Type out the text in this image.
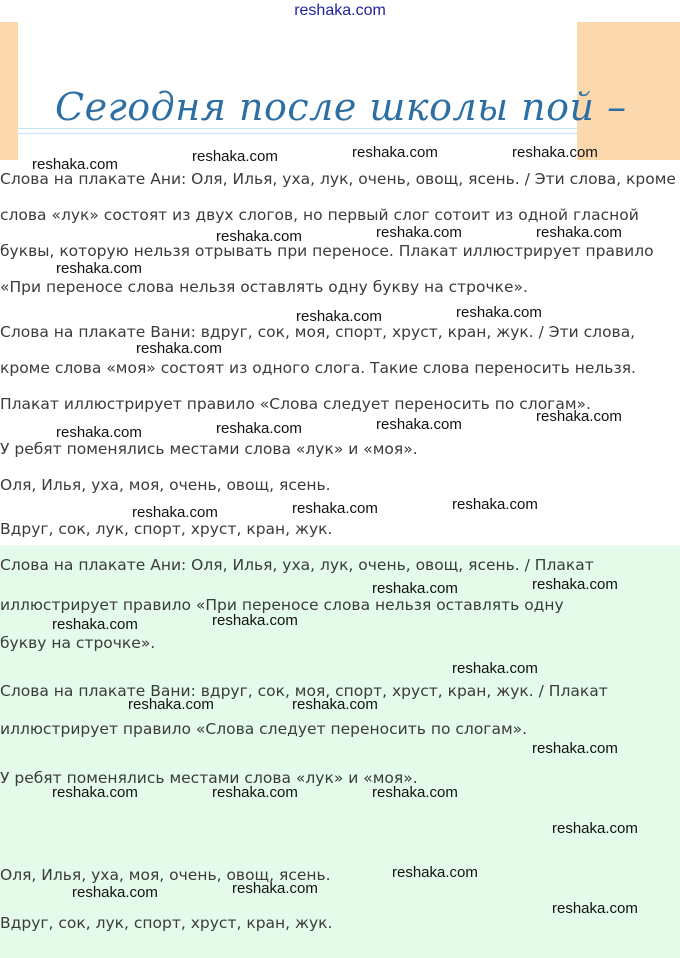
reshaka.com
Сегодня после школы пой –
Слова на плакате Ани: Оля, Илья, уха, лук, очень, овощ, ясень. / Эти слова, кроме
слова «лук» состоят из двух слогов, но первый слог сотоит из одной гласной
буквы, которую нельзя отрывать при переносе. Плакат иллюстрирует правило
«При переносе слова нельзя оставлять одну букву на строчке».
Слова на плакате Вани: вдруг, сок, моя, спорт, хруст, кран, жук. / Эти слова,
кроме слова «моя» состоят из одного слога. Такие слова переносить нельзя.
Плакат иллюстрирует правило «Слова следует переносить по слогам».
У ребят поменялись местами слова «лук» и «моя».
Оля, Илья, уха, моя, очень, овощ, ясень.
Вдруг, сок, лук, спорт, хруст, кран, жук.
Слова на плакате Ани: Оля, Илья, уха, лук, очень, овощ, ясень. / Плакат
иллюстрирует правило «При переносе слова нельзя оставлять одну
букву на строчке».
Слова на плакате Вани: вдруг, сок, моя, спорт, хруст, кран, жук. / Плакат
иллюстрирует правило «Слова следует переносить по слогам».
У ребят поменялись местами слова «лук» и «моя».
Оля, Илья, уха, моя, очень, овощ, ясень.
Вдруг, сок, лук, спорт, хруст, кран, жук.
reshaka.com	reshaka.com	reshaka.com	reshaka.com
reshaka.com	reshaka.com	reshaka.com
reshaka.com
reshaka.com	reshaka.com
reshaka.com
reshaka.com
reshaka.com	reshaka.com
reshaka.com
reshaka.com
reshaka.com
reshaka.com
reshaka.com
reshaka.com
reshaka.com
reshaka.com
reshaka.com
reshaka.com
reshaka.com
reshaka.com
reshaka.com	reshaka.com	reshaka.com
reshaka.com
reshaka.com
reshaka.com
reshaka.com
reshaka.com
